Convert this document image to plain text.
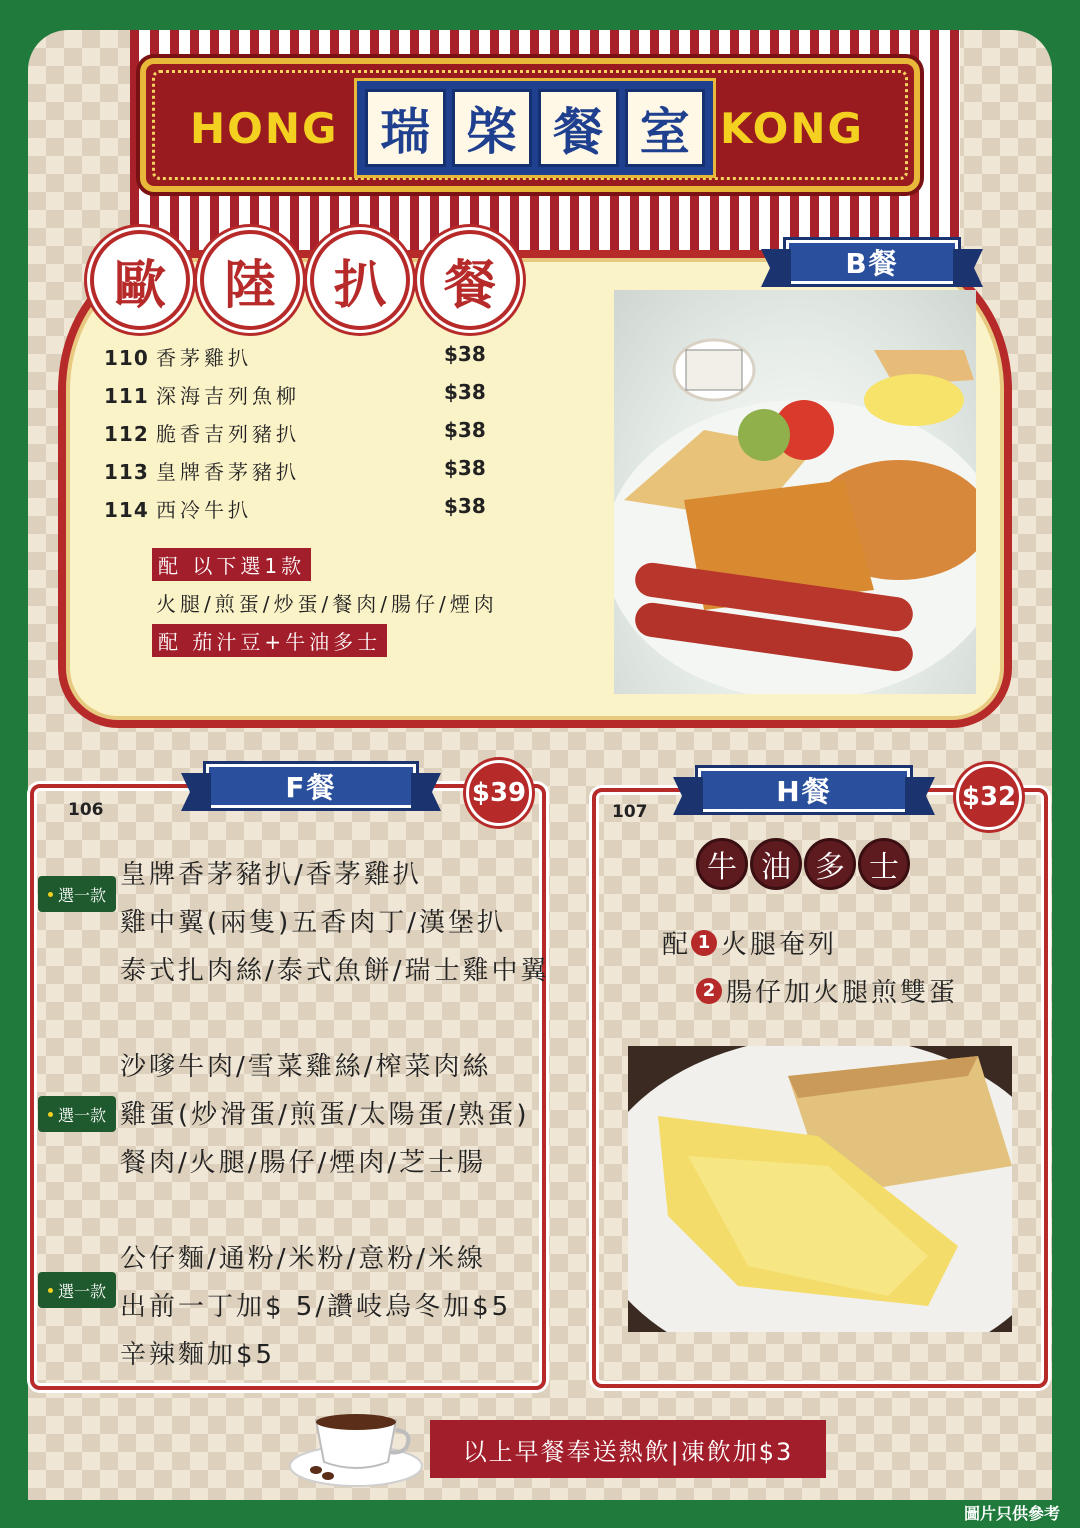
HONG 瑞 棨 餐 室 KONG
歐	陸	扒	餐	B餐
110 香茅雞扒	$38
111 深海吉列魚柳	$38
112 脆香吉列豬扒	$38
113 皇牌香茅豬扒	$38
114 西冷牛扒	$38
配 以下選1款
火腿/煎蛋/炒蛋/餐肉/腸仔/煙肉
配 茄汁豆+牛油多士
F餐	$39
106
選一款
皇牌香茅豬扒/香茅雞扒
雞中翼(兩隻)五香肉丁/漢堡扒
泰式扎肉絲/泰式魚餅/瑞士雞中翼
選一款
沙嗲牛肉/雪菜雞絲/榨菜肉絲
雞蛋(炒滑蛋/煎蛋/太陽蛋/熟蛋)
餐肉/火腿/腸仔/煙肉/芝士腸
選一款
公仔麵/通粉/米粉/意粉/米線
出前一丁加$ 5/讚岐烏冬加$5
辛辣麵加$5
H餐	$32
107
牛 油 多 士
配 1 火腿奄列
2 腸仔加火腿煎雙蛋
以上早餐奉送熱飲|凍飲加$3
圖片只供參考
